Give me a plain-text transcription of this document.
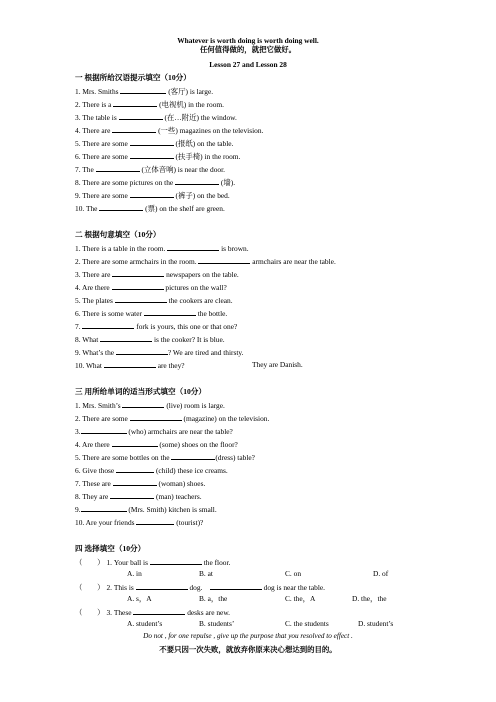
Whatever is worth doing is worth doing well.
任何值得做的，就把它做好。
Lesson 27 and Lesson 28
一 根据所给汉语提示填空（10分）
1. Mrs. Smiths	(客厅) is large.
2. There is a	(电视机) in the room.
3. The table is	(在…附近) the window.
4. There are	(一些) magazines on the television.
5. There are some	(报纸) on the table.
6. There are some	(扶手椅) in the room.
7. The	(立体音响) is near the door.
8. There are some pictures on the	(墙).
9. There are some	(裤子) on the bed.
10. The	(票) on the shelf are green.
二 根据句意填空（10分）
1. There is a table in the room.	is brown.
2. There are some armchairs in the room.	armchairs are near the table.
3. There are	newspapers on the table.
4. Are there	pictures on the wall?
5. The plates	the cookers are clean.
6. There is some water	the bottle.
7.	fork is yours, this one or that one?
8. What	is the cooker? It is blue.
9. What’s the	? We are tired and thirsty.
10. What	are they?	They are Danish.
三 用所给单词的适当形式填空（10分）
1. Mrs. Smith’s	(live) room is large.
2. There are some	(magazine) on the television.
3.	(who) armchairs are near the table?
4. Are there	(some) shoes on the floor?
5. There are some bottles on the	(dress) table?
6. Give those	(child) these ice creams.
7. These are	(woman) shoes.
8. They are	(man) teachers.
9.	(Mrs. Smith) kitchen is small.
10. Are your friends	(tourist)?
四 选择填空（10分）
（　　） 1. Your ball is	the floor.
A. in	B. at	C. on	D. of
（　　） 2. This is	dog.	dog is near the table.
A. s，A	B. a，the	C. the，A	D. the，the
（　　） 3. These	desks are new.
A. student’s	B. students’	C. the students	D. student’s
Do not , for one repulse , give up the purpose that you resolved to effect .
不要只因一次失败，就放弃你原来决心想达到的目的。
